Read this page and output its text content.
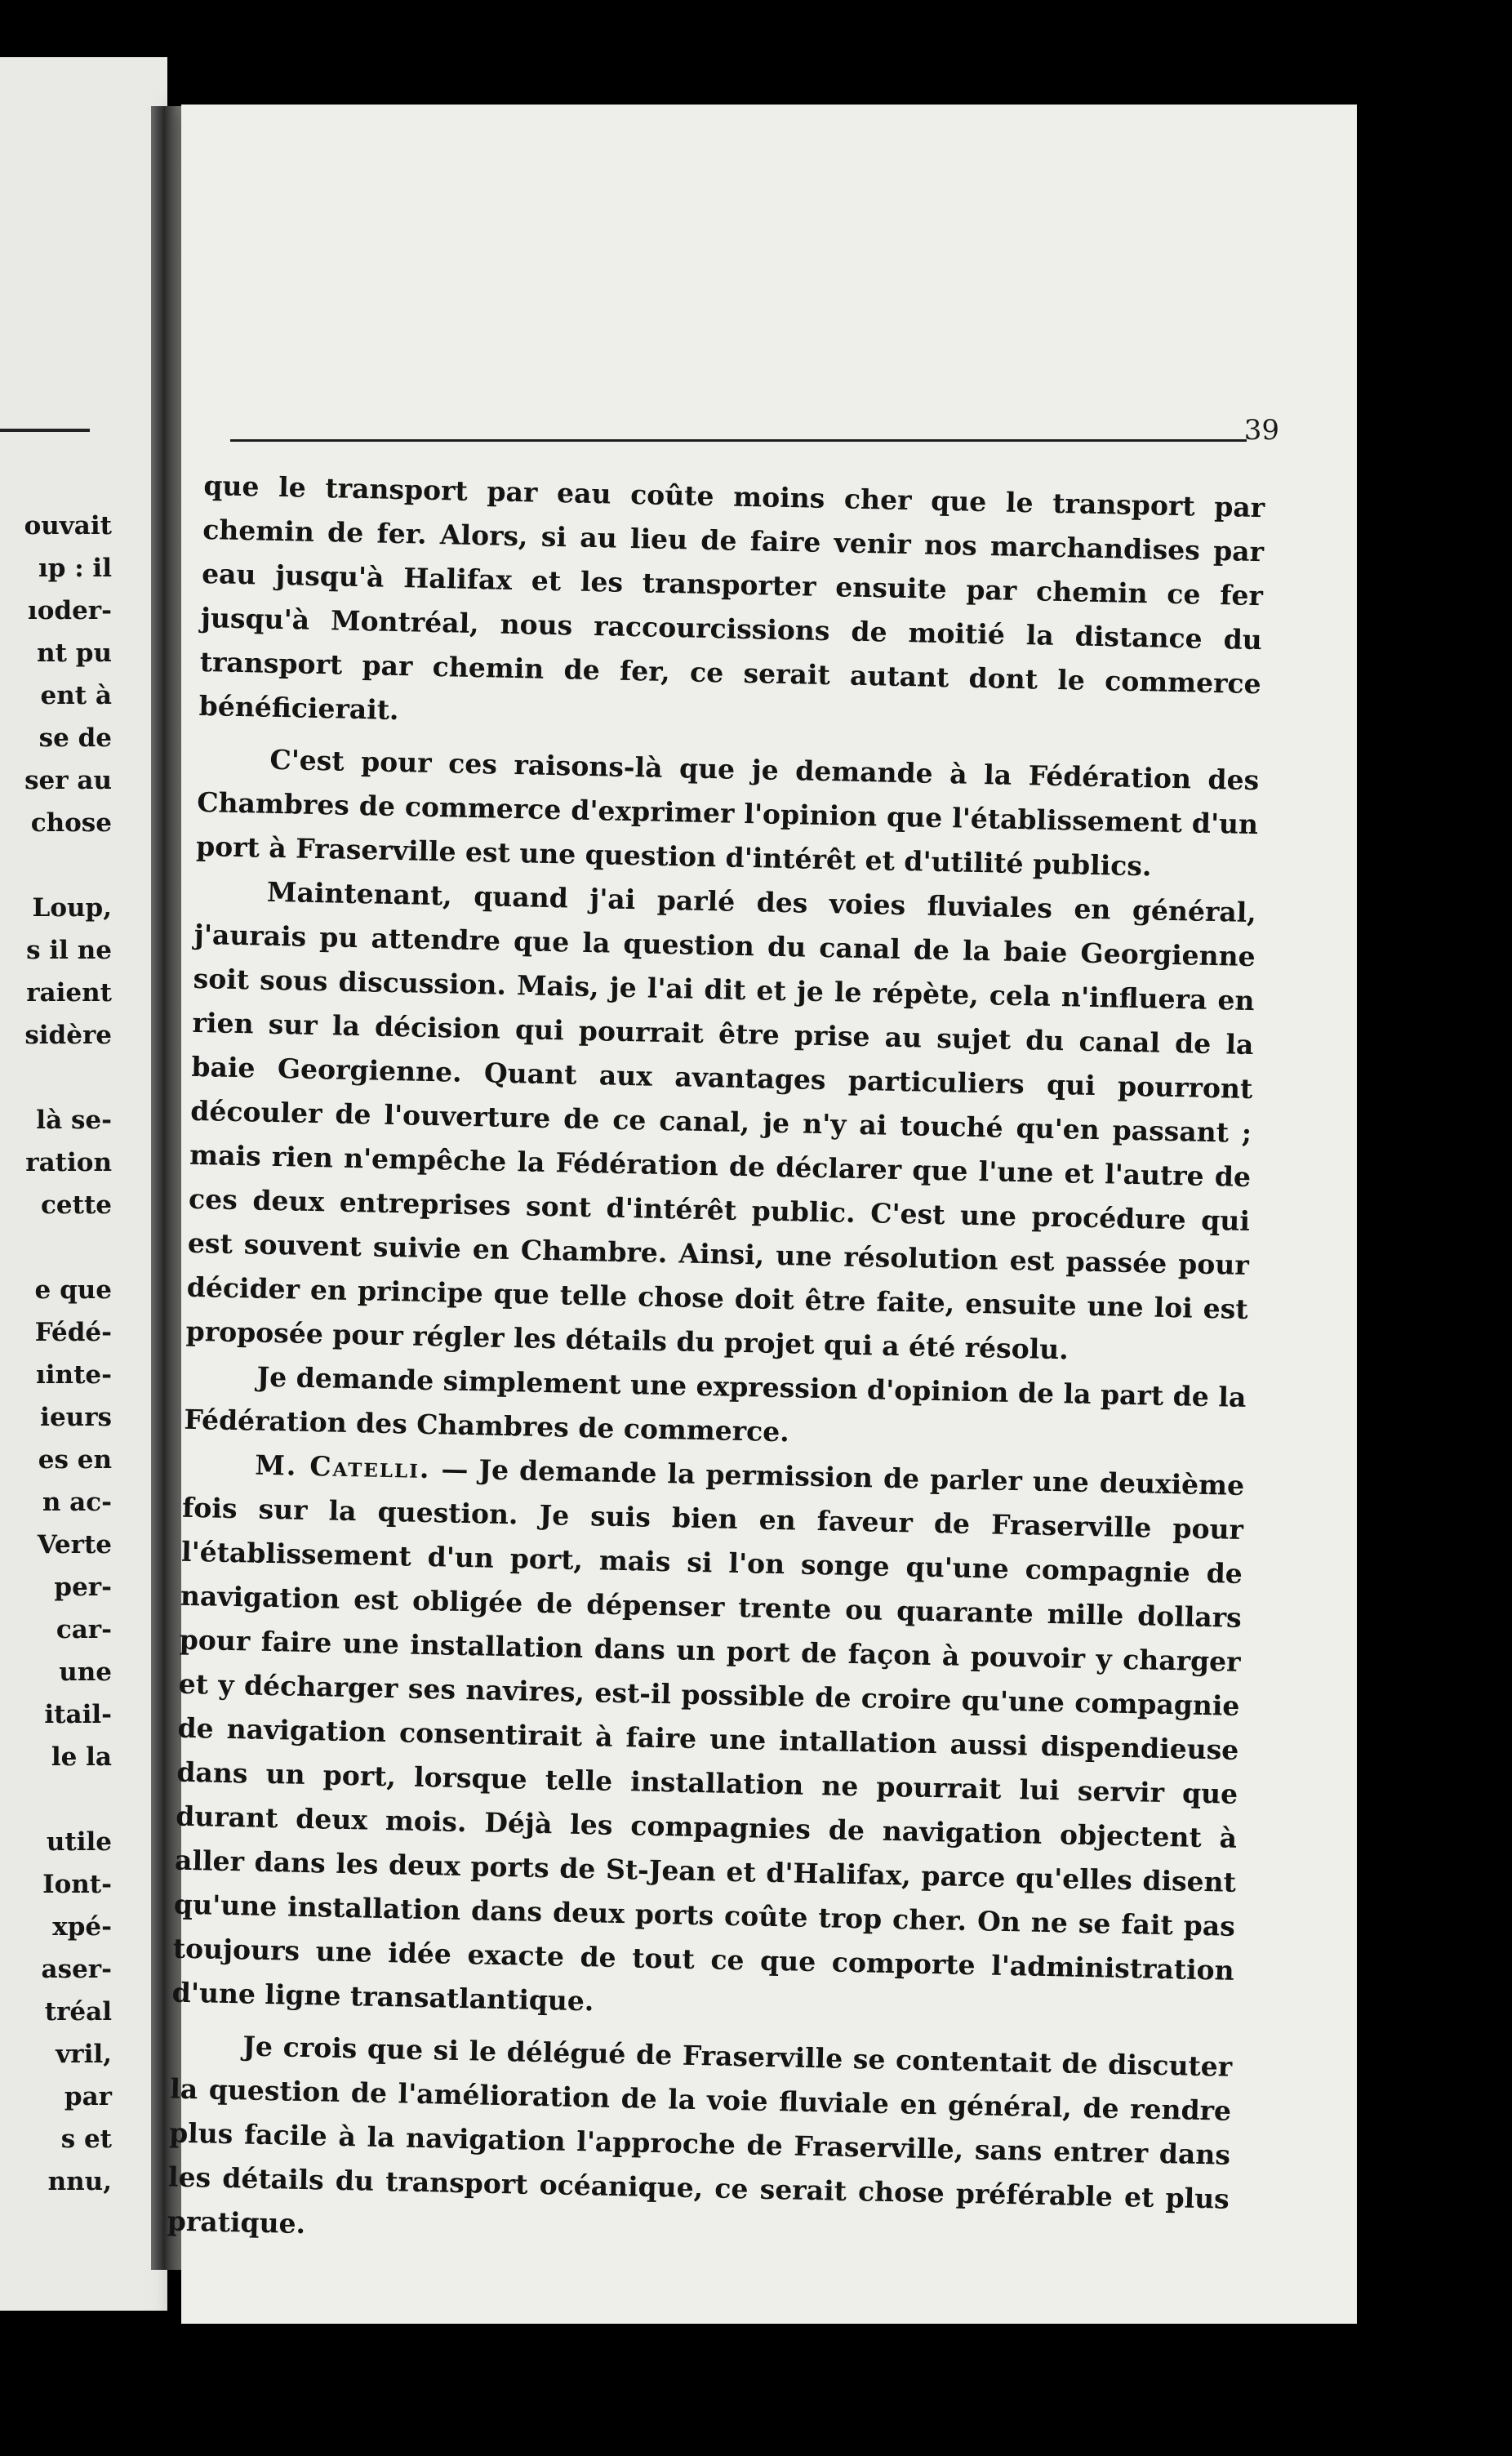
ouvait
ıp : il
ıoder-
nt pu
ent à
se de
ser au
chose
Loup,
s il ne
raient
sidère
là se-
ration
cette
e que
Fédé-
ıinte-
ieurs
es en
n ac-
Verte
per-
car-
une
itail-
le la
utile
Iont-
xpé-
aser-
tréal
vril,
par
s et
nnu,
39

que le transport par eau coûte moins cher que le transport par chemin de fer. Alors, si au lieu de faire venir nos marchandises par eau jusqu'à Halifax et les transporter ensuite par chemin ce fer jusqu'à Montréal, nous raccourcissions de moitié la distance du transport par chemin de fer, ce serait autant dont le commerce bénéficierait.

C'est pour ces raisons-là que je demande à la Fédération des Chambres de commerce d'exprimer l'opinion que l'établissement d'un port à Fraserville est une question d'intérêt et d'utilité publics.

Maintenant, quand j'ai parlé des voies fluviales en général, j'aurais pu attendre que la question du canal de la baie Georgienne soit sous discussion. Mais, je l'ai dit et je le répète, cela n'influera en rien sur la décision qui pourrait être prise au sujet du canal de la baie Georgienne. Quant aux avantages particuliers qui pourront découler de l'ouverture de ce canal, je n'y ai touché qu'en passant ; mais rien n'empêche la Fédération de déclarer que l'une et l'autre de ces deux entreprises sont d'intérêt public. C'est une procédure qui est souvent suivie en Chambre. Ainsi, une résolution est passée pour décider en principe que telle chose doit être faite, ensuite une loi est proposée pour régler les détails du projet qui a été résolu.

Je demande simplement une expression d'opinion de la part de la Fédération des Chambres de commerce.

M. Catelli. — Je demande la permission de parler une deuxième fois sur la question. Je suis bien en faveur de Fraserville pour l'établissement d'un port, mais si l'on songe qu'une compagnie de navigation est obligée de dépenser trente ou quarante mille dollars pour faire une installation dans un port de façon à pouvoir y charger et y décharger ses navires, est-il possible de croire qu'une compagnie de navigation consentirait à faire une intallation aussi dispendieuse dans un port, lorsque telle installation ne pourrait lui servir que durant deux mois. Déjà les compagnies de navigation objectent à aller dans les deux ports de St-Jean et d'Halifax, parce qu'elles disent qu'une installation dans deux ports coûte trop cher. On ne se fait pas toujours une idée exacte de tout ce que comporte l'administration d'une ligne transatlantique.

Je crois que si le délégué de Fraserville se contentait de discuter la question de l'amélioration de la voie fluviale en général, de rendre plus facile à la navigation l'approche de Fraserville, sans entrer dans les détails du transport océanique, ce serait chose préférable et plus pratique.
